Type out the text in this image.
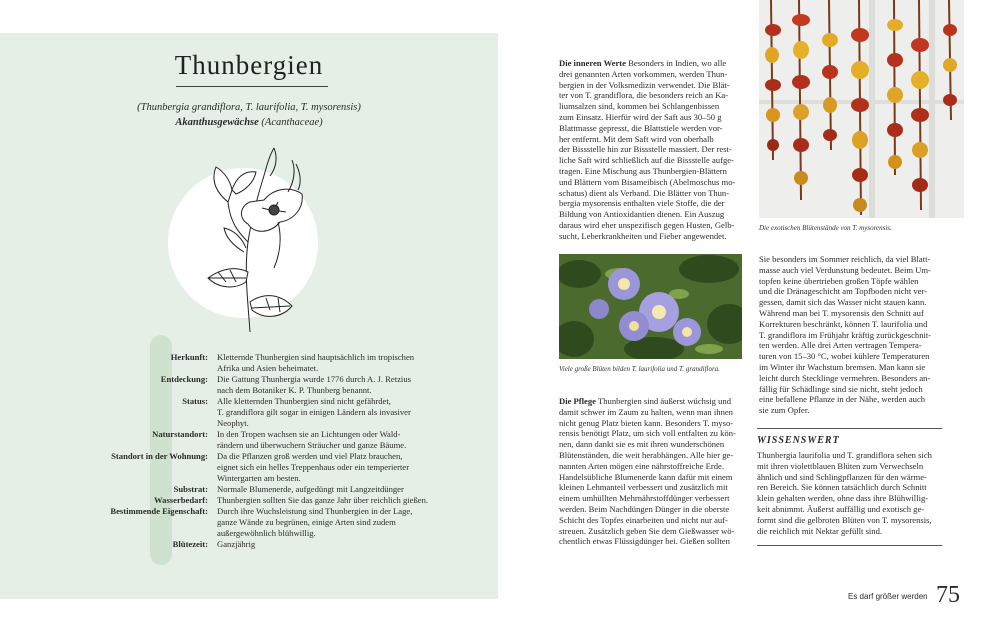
Thunbergien
(Thunbergia grandiflora, T. laurifolia, T. mysorensis)
Akanthusgewächse (Acanthaceae)
Herkunft: Kletternde Thunbergien sind hauptsächlich im tropischen
Afrika und Asien beheimatet.
Entdeckung: Die Gattung Thunbergia wurde 1776 durch A. J. Retzius
nach dem Botaniker K. P. Thunberg benannt.
Status: Alle kletternden Thunbergien sind nicht gefährdet,
T. grandiflora gilt sogar in einigen Ländern als invasiver
Neophyt.
Naturstandort: In den Tropen wachsen sie an Lichtungen oder Wald-
rändern und überwuchern Sträucher und ganze Bäume.
Standort in der Wohnung: Da die Pflanzen groß werden und viel Platz brauchen,
eignet sich ein helles Treppenhaus oder ein temperierter
Wintergarten am besten.
Substrat: Normale Blumenerde, aufgedüngt mit Langzeitdünger
Wasserbedarf: Thunbergien sollten Sie das ganze Jahr über reichlich gießen.
Bestimmende Eigenschaft: Durch ihre Wuchsleistung sind Thunbergien in der Lage,
ganze Wände zu begrünen, einige Arten sind zudem
außergewöhnlich blühwillig.
Blütezeit: Ganzjährig
Die inneren Werte Besonders in Indien, wo alle
drei genannten Arten vorkommen, werden Thun-
bergien in der Volksmedizin verwendet. Die Blät-
ter von T. grandiflora, die besonders reich an Ka-
liumsalzen sind, kommen bei Schlangenbissen
zum Einsatz. Hierfür wird der Saft aus 30–50 g
Blattmasse gepresst, die Blattstiele werden vor-
her entfernt. Mit dem Saft wird von oberhalb
der Bissstelle hin zur Bissstelle massiert. Der rest-
liche Saft wird schließlich auf die Bissstelle aufge-
tragen. Eine Mischung aus Thunbergien-Blättern
und Blättern vom Bisameibisch (Abelmoschus mo-
schatus) dient als Verband. Die Blätter von Thun-
bergia mysorensis enthalten viele Stoffe, die der
Bildung von Antioxidantien dienen. Ein Auszug
daraus wird eher unspezifisch gegen Husten, Gelb-
sucht, Leberkrankheiten und Fieber angewendet.
Die exotischen Blütenstände von T. mysorensis.
Viele große Blüten bilden T. laurifolia und T. grandiflora.
Die Pflege Thunbergien sind äußerst wüchsig und
damit schwer im Zaum zu halten, wenn man ihnen
nicht genug Platz bieten kann. Besonders T. myso-
rensis benötigt Platz, um sich voll entfalten zu kön-
nen, dann dankt sie es mit ihren wunderschönen
Blütenständen, die weit herabhängen. Alle hier ge-
nannten Arten mögen eine nährstoffreiche Erde.
Handelsübliche Blumenerde kann dafür mit einem
kleinen Lehmanteil verbessert und zusätzlich mit
einem umhüllten Mehrnährstoffdünger verbessert
werden. Beim Nachdüngen Dünger in die oberste
Schicht des Topfes einarbeiten und nicht nur auf-
streuen. Zusätzlich geben Sie dem Gießwasser wö-
chentlich etwas Flüssigdünger bei. Gießen sollten
Sie besonders im Sommer reichlich, da viel Blatt-
masse auch viel Verdunstung bedeutet. Beim Um-
topfen keine übertrieben großen Töpfe wählen
und die Dränageschicht am Topfboden nicht ver-
gessen, damit sich das Wasser nicht stauen kann.
Während man bei T. mysorensis den Schnitt auf
Korrekturen beschränkt, können T. laurifolia und
T. grandiflora im Frühjahr kräftig zurückgeschnit-
ten werden. Alle drei Arten vertragen Tempera-
turen von 15–30 °C, wobei kühlere Temperaturen
im Winter ihr Wachstum bremsen. Man kann sie
leicht durch Stecklinge vermehren. Besonders an-
fällig für Schädlinge sind sie nicht, steht jedoch
eine befallene Pflanze in der Nähe, werden auch
sie zum Opfer.
WISSENSWERT
Thunbergia laurifolia und T. grandiflora sehen sich
mit ihren violettblauen Blüten zum Verwechseln
ähnlich und sind Schlingpflanzen für den wärme-
ren Bereich. Sie können tatsächlich durch Schnitt
klein gehalten werden, ohne dass ihre Blühwillig-
keit abnimmt. Äußerst auffällig und exotisch ge-
formt sind die gelbroten Blüten von T. mysorensis,
die reichlich mit Nektar gefüllt sind.
Es darf größer werden 75
